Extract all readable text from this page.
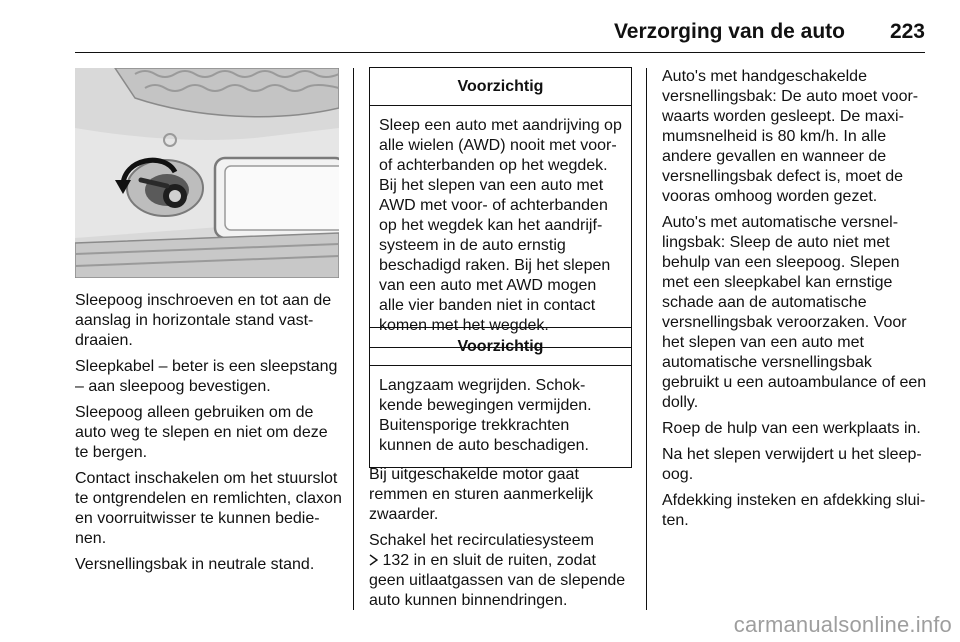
Verzorging van de auto 223

Sleepoog inschroeven en tot aan de aanslag in horizontale stand vastdraaien.

Sleepkabel – beter is een sleepstang – aan sleepoog bevestigen.

Sleepoog alleen gebruiken om de auto weg te slepen en niet om deze te bergen.

Contact inschakelen om het stuurslot te ontgrendelen en remlichten, claxon en voorruitwisser te kunnen bedienen.

Versnellingsbak in neutrale stand.

Voorzichtig
Sleep een auto met aandrijving op alle wielen (AWD) nooit met voor- of achterbanden op het wegdek. Bij het slepen van een auto met AWD met voor- of achterbanden op het wegdek kan het aandrijfsysteem in de auto ernstig beschadigd raken. Bij het slepen van een auto met AWD mogen alle vier banden niet in contact komen met het wegdek.
Voorzichtig
Langzaam wegrijden. Schokkende bewegingen vermijden. Buitensporige trekkrachten kunnen de auto beschadigen.

Bij uitgeschakelde motor gaat remmen en sturen aanmerkelijk zwaarder.

Schakel het recirculatiesysteem
132 in en sluit de ruiten, zodat geen uitlaatgassen van de slepende auto kunnen binnendringen.

Auto's met handgeschakelde versnellingsbak: De auto moet voorwaarts worden gesleept. De maximumsnelheid is 80 km/h. In alle andere gevallen en wanneer de versnellingsbak defect is, moet de vooras omhoog worden gezet.

Auto's met automatische versnellingsbak: Sleep de auto niet met behulp van een sleepoog. Slepen met een sleepkabel kan ernstige schade aan de automatische versnellingsbak veroorzaken. Voor het slepen van een auto met automatische versnellingsbak gebruikt u een autoambulance of een dolly.

Roep de hulp van een werkplaats in.

Na het slepen verwijdert u het sleepoog.

Afdekking insteken en afdekking sluiten.

carmanualsonline.info
